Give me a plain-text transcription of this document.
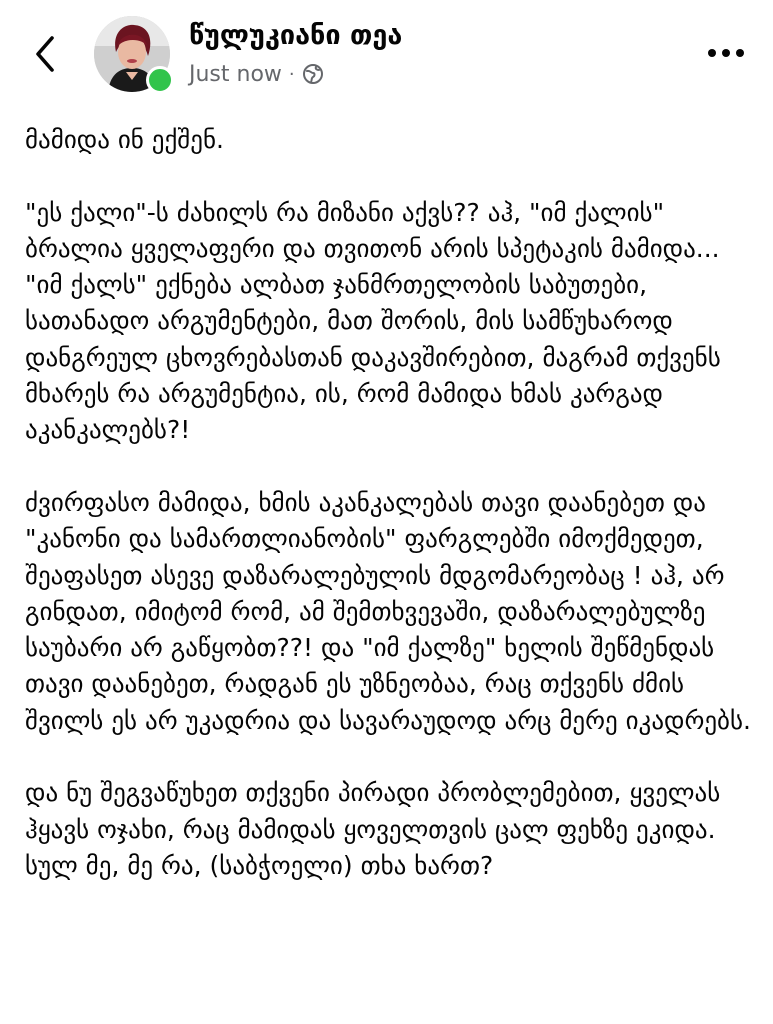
წულუკიანი თეა
Just now ·

მამიდა ინ ექშენ.

"ეს ქალი"-ს ძახილს რა მიზანი აქვს?? აჰ, "იმ ქალის" ბრალია ყველაფერი და თვითონ არის სპეტაკის მამიდა... "იმ ქალს" ექნება ალბათ ჯანმრთელობის საბუთები, სათანადო არგუმენტები, მათ შორის, მის სამწუხაროდ დანგრეულ ცხოვრებასთან დაკავშირებით, მაგრამ თქვენს მხარეს რა არგუმენტია, ის, რომ მამიდა ხმას კარგად აკანკალებს?!

ძვირფასო მამიდა, ხმის აკანკალებას თავი დაანებეთ და "კანონი და სამართლიანობის" ფარგლებში იმოქმედეთ, შეაფასეთ ასევე დაზარალებულის მდგომარეობაც ! აჰ, არ გინდათ, იმიტომ რომ, ამ შემთხვევაში, დაზარალებულზე საუბარი არ გაწყობთ??! და "იმ ქალზე" ხელის შეწმენდას თავი დაანებეთ, რადგან ეს უზნეობაა, რაც თქვენს ძმის შვილს ეს არ უკადრია და სავარაუდოდ არც მერე იკადრებს.

და ნუ შეგვაწუხეთ თქვენი პირადი პრობლემებით, ყველას ჰყავს ოჯახი, რაც მამიდას ყოველთვის ცალ ფეხზე ეკიდა. სულ მე, მე რა, (საბჭოელი) თხა ხართ?
